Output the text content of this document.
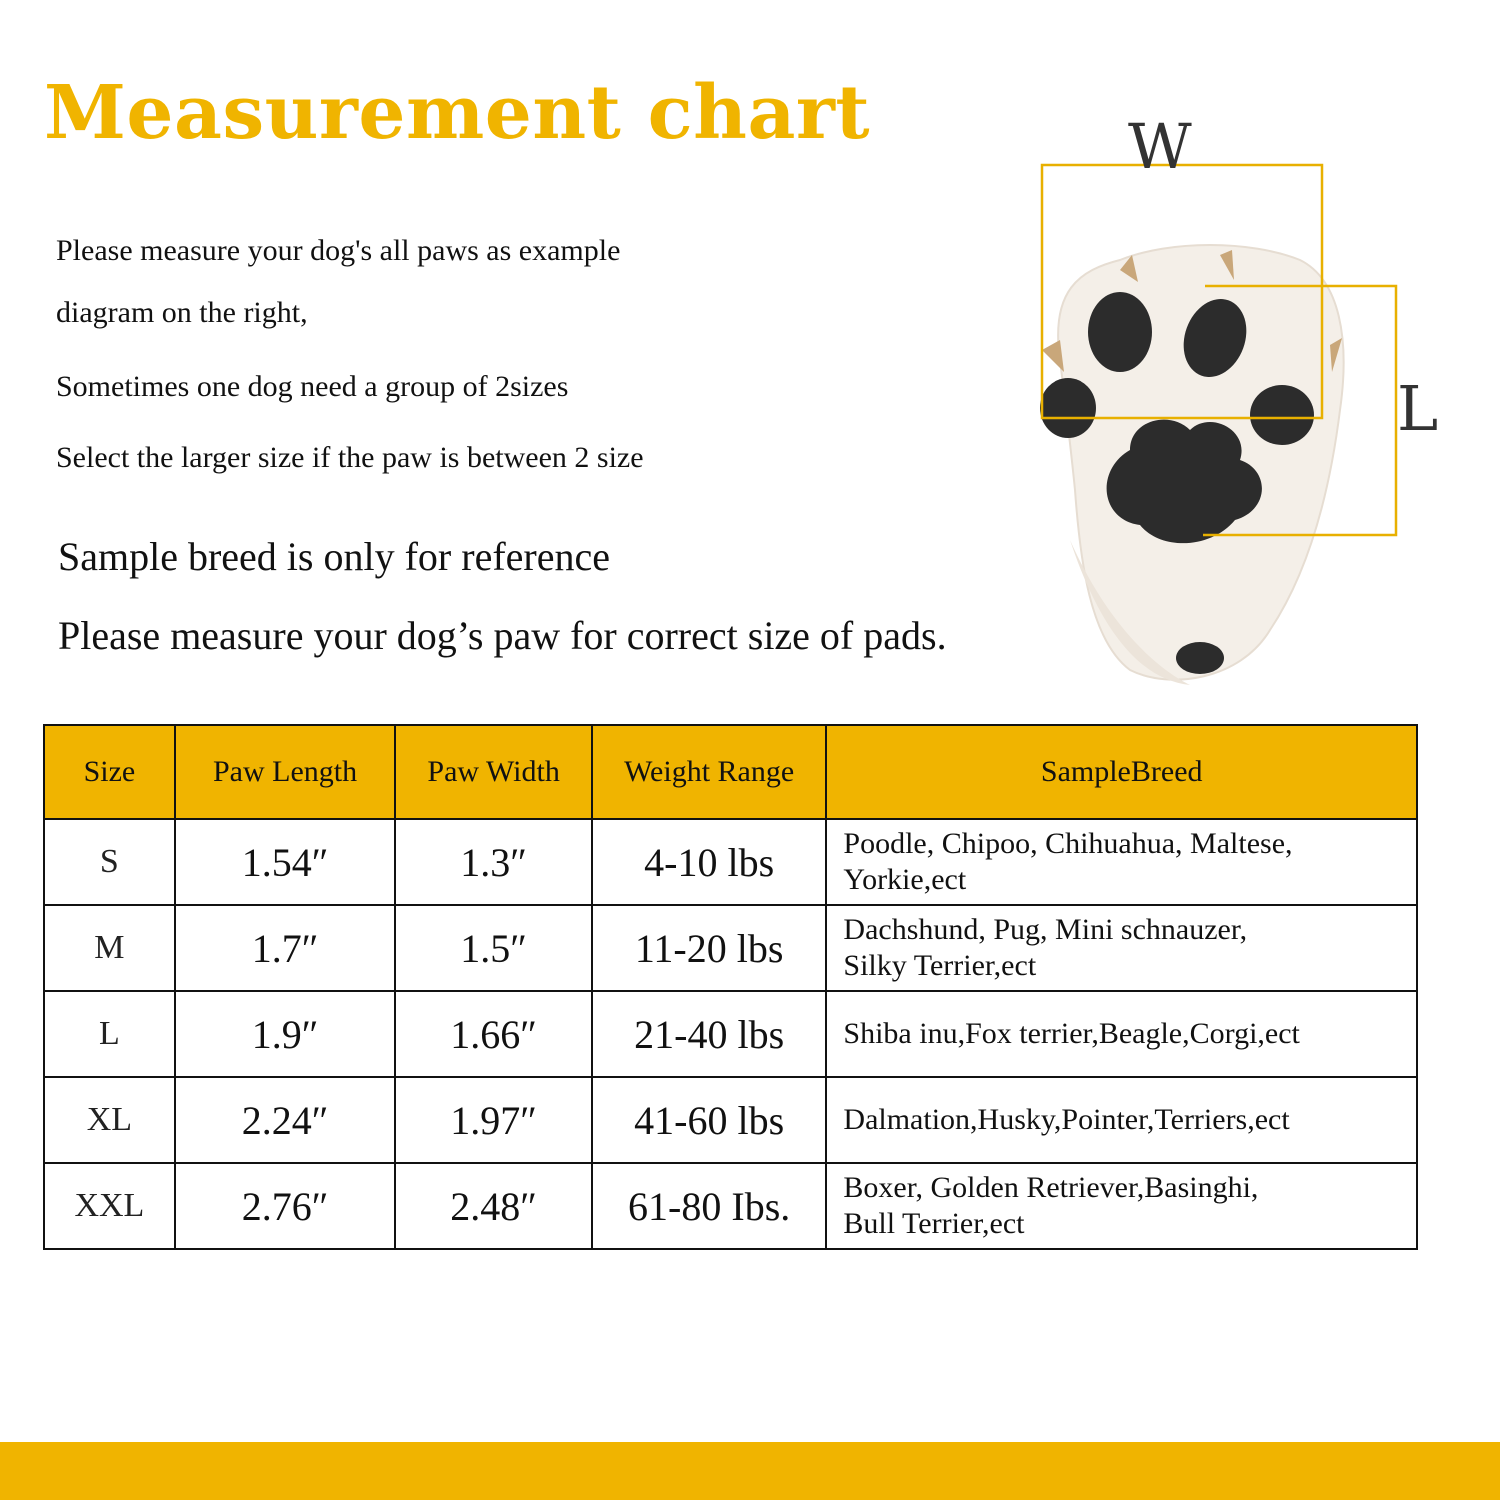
Measurement chart
Please measure your dog's all paws as example
diagram on the right,
Sometimes one dog need a group of 2sizes
Select the larger size if the paw is between 2 size
Sample breed is only for reference
Please measure your dog’s paw for correct size of pads.
W
L
Size	Paw Length	Paw Width	Weight Range	SampleBreed
S	1.54″	1.3″	4-10 lbs	Poodle, Chipoo, Chihuahua, Maltese,
Yorkie,ect
M	1.7″	1.5″	11-20 lbs	Dachshund, Pug, Mini schnauzer,
Silky Terrier,ect
L	1.9″	1.66″	21-40 lbs	Shiba inu,Fox terrier,Beagle,Corgi,ect
XL	2.24″	1.97″	41-60 lbs	Dalmation,Husky,Pointer,Terriers,ect
XXL	2.76″	2.48″	61-80 Ibs.	Boxer, Golden Retriever,Basinghi,
Bull Terrier,ect
